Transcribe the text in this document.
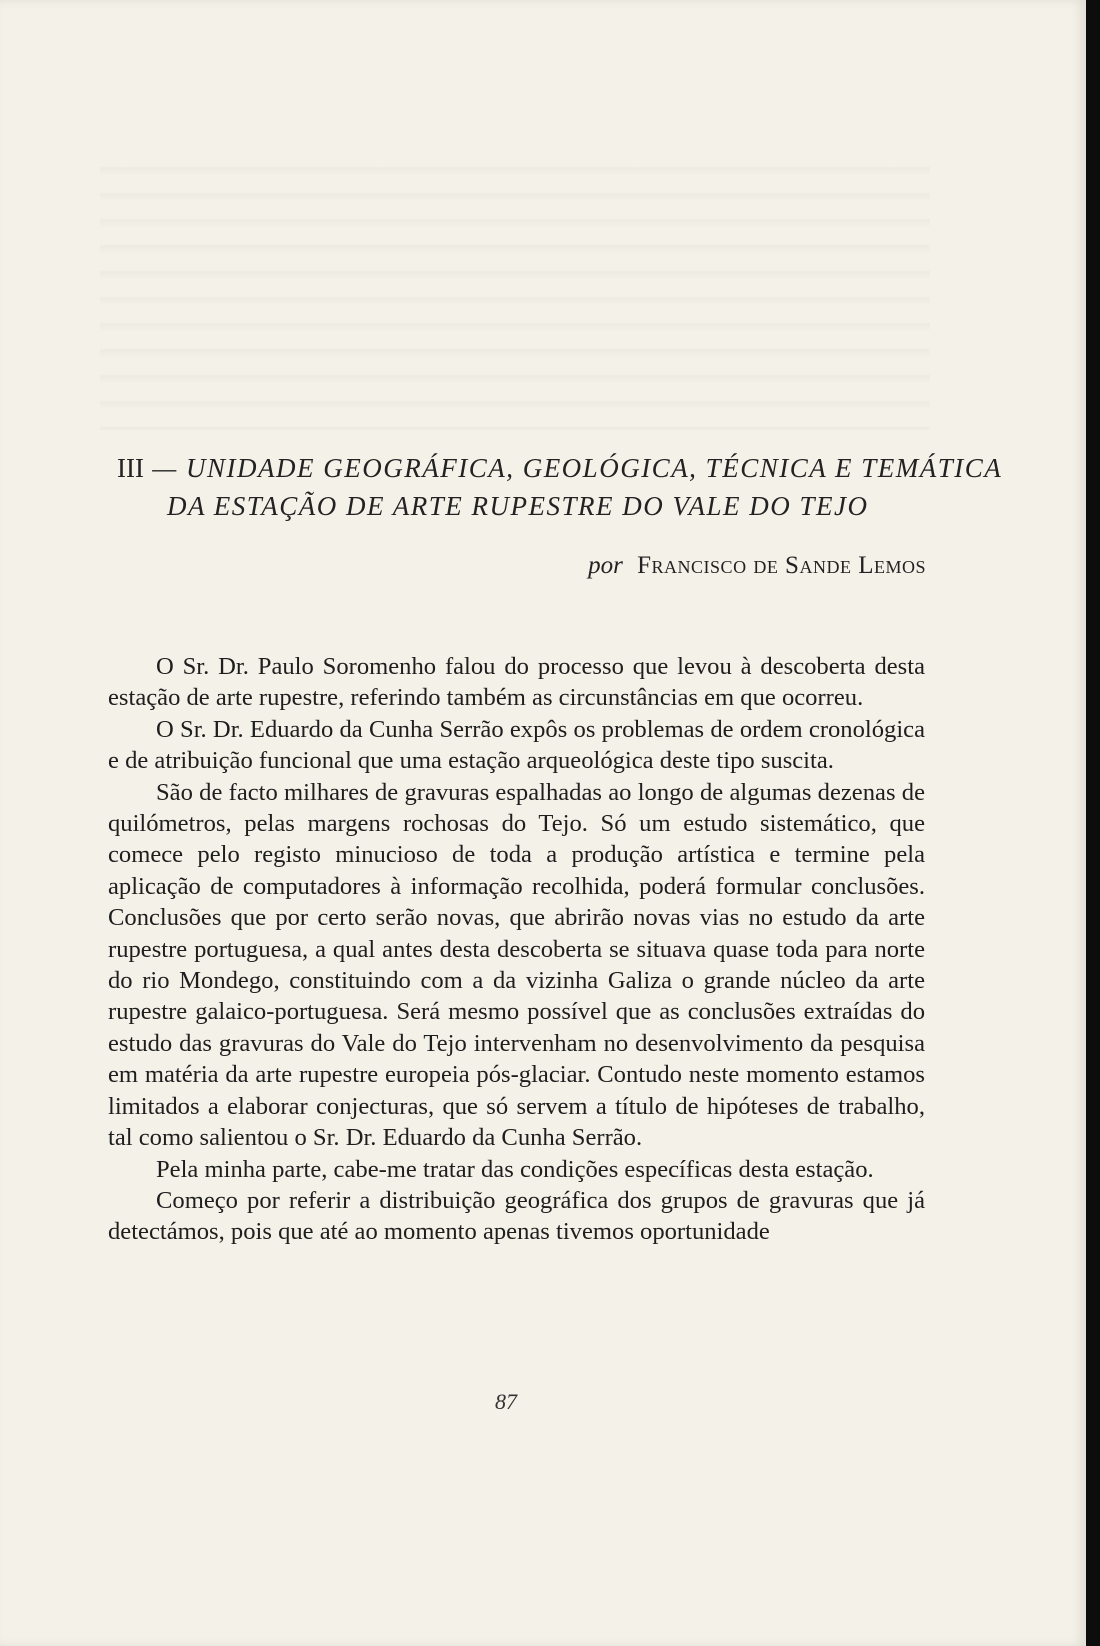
III — UNIDADE GEOGRÁFICA, GEOLÓGICA, TÉCNICA E TEMÁTICA
DA ESTAÇÃO DE ARTE RUPESTRE DO VALE DO TEJO
por Francisco de Sande Lemos

O Sr. Dr. Paulo Soromenho falou do processo que levou à descoberta desta estação de arte rupestre, referindo também as circunstâncias em que ocorreu.

O Sr. Dr. Eduardo da Cunha Serrão expôs os problemas de ordem cronológica e de atribuição funcional que uma estação arqueológica deste tipo suscita.

São de facto milhares de gravuras espalhadas ao longo de algumas dezenas de quilómetros, pelas margens rochosas do Tejo. Só um estudo sistemático, que comece pelo registo minucioso de toda a produção artística e termine pela aplicação de computadores à informação recolhida, poderá formular conclusões. Conclusões que por certo serão novas, que abrirão novas vias no estudo da arte rupestre portuguesa, a qual antes desta descoberta se situava quase toda para norte do rio Mondego, constituindo com a da vizinha Galiza o grande núcleo da arte rupestre galaico-portuguesa. Será mesmo possível que as conclusões extraídas do estudo das gravuras do Vale do Tejo intervenham no desenvolvimento da pesquisa em matéria da arte rupestre europeia pós-glaciar. Contudo neste momento estamos limitados a elaborar conjecturas, que só servem a título de hipóteses de trabalho, tal como salientou o Sr. Dr. Eduardo da Cunha Serrão.

Pela minha parte, cabe-me tratar das condições específicas desta estação.

Começo por referir a distribuição geográfica dos grupos de gravuras que já detectámos, pois que até ao momento apenas tivemos oportunidade

87
